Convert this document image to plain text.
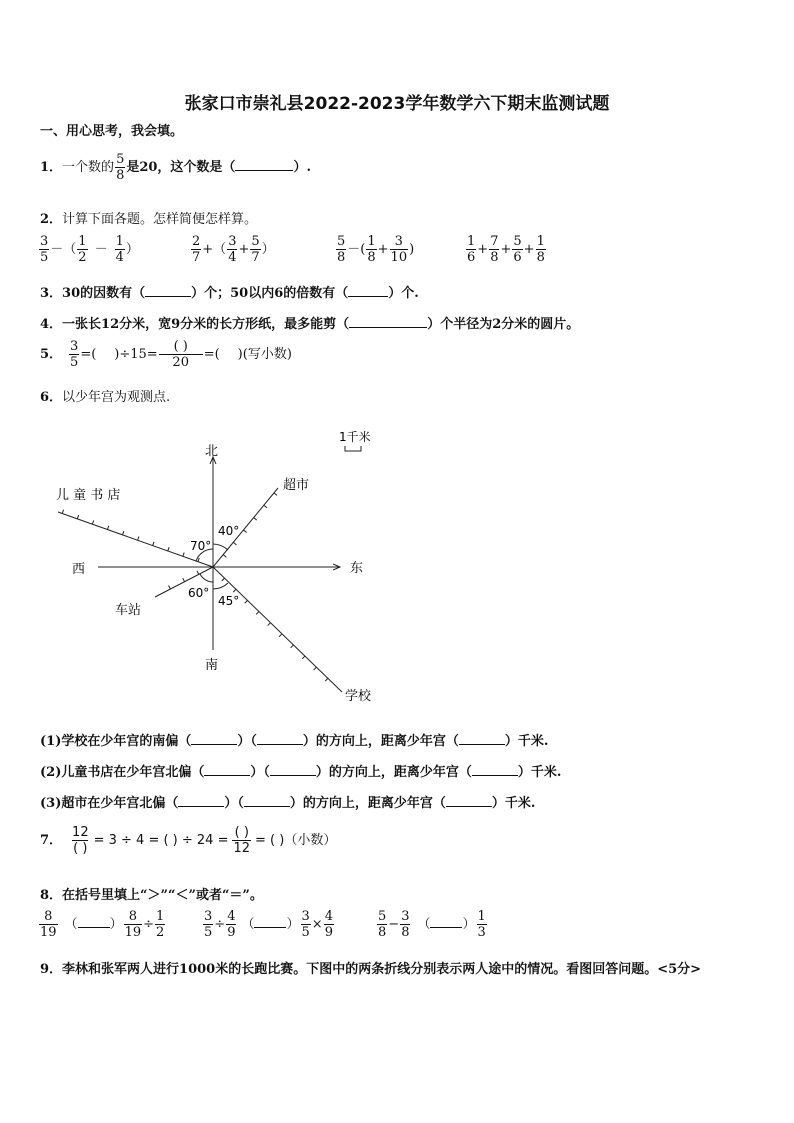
张家口市崇礼县2022-2023学年数学六下期末监测试题
一、用心思考，我会填。
1．一个数的 $\frac{5}{8}$ 是20，这个数是（	）.
2．计算下面各题。怎样简便怎样算。
$\frac{3}{5}$ －（ $\frac{1}{2} - \frac{1}{4}$ ）	$\frac{2}{7}$ +（ $\frac{3}{4} + \frac{5}{7}$ ）	$\frac{5}{8}$ －( $\frac{1}{8} + \frac{3}{10}$ )	$\frac{1}{6} + \frac{7}{8} + \frac{5}{6} + \frac{1}{8}$
3．30的因数有（	）个；50以内6的倍数有（	）个.
4．一张长12分米，宽9分米的长方形纸，最多能剪（	）个半径为2分米的圆片。
5． $\frac{3}{5}$ =( )$\div 15= \frac{( )}{20}$ =( )(写小数)
6．以少年宫为观测点.
北
南
东
西
1千米
儿 童 书 店
超市
车站
学校
40°
70°
60°
45°
(1)学校在少年宫的南偏（	）（	）的方向上，距离少年宫（	）千米.
(2)儿童书店在少年宫北偏（	）（	）的方向上，距离少年宫（	）千米.
(3)超市在少年宫北偏（	）（	）的方向上，距离少年宫（	）千米.
7． $\frac{12}{( )} = 3 \div 4$ = ( ) ÷ $24 = \frac{( )}{12}$ = ( )（小数）
8．在括号里填上“＞”“＜”或者“＝”。
$\frac{8}{19}$ （ ） $\frac{8}{19} \div \frac{1}{2}$	$\frac{3}{5} \div \frac{4}{9}$ （ ） $\frac{3}{5} \times \frac{4}{9}$	$\frac{5}{8} - \frac{3}{8}$ （ ） $\frac{1}{3}$
9．李林和张军两人进行1000米的长跑比赛。下图中的两条折线分别表示两人途中的情况。看图回答问题。<5分>
